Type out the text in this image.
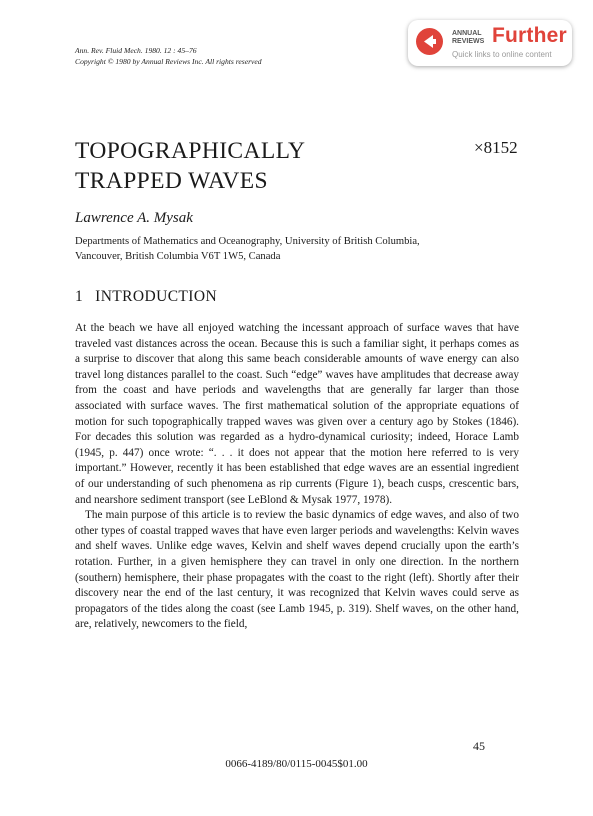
Ann. Rev. Fluid Mech. 1980. 12 : 45–76
Copyright © 1980 by Annual Reviews Inc. All rights reserved
ANNUAL
REVIEWS Further
Quick links to online content
TOPOGRAPHICALLY
TRAPPED WAVES
×8152
Lawrence A. Mysak
Departments of Mathematics and Oceanography, University of British Columbia,
Vancouver, British Columbia V6T 1W5, Canada
1 INTRODUCTION

At the beach we have all enjoyed watching the incessant approach of surface waves that have traveled vast distances across the ocean. Because this is such a familiar sight, it perhaps comes as a surprise to discover that along this same beach considerable amounts of wave energy can also travel long distances parallel to the coast. Such “edge” waves have amplitudes that decrease away from the coast and have periods and wavelengths that are generally far larger than those associated with surface waves. The first mathematical solution of the appropriate equations of motion for such topographically trapped waves was given over a century ago by Stokes (1846). For decades this solution was regarded as a hydro-dynamical curiosity; indeed, Horace Lamb (1945, p. 447) once wrote: “. . . it does not appear that the motion here referred to is very important.” However, recently it has been established that edge waves are an essential ingredient of our understanding of such phenomena as rip currents (Figure 1), beach cusps, crescentic bars, and nearshore sediment transport (see LeBlond & Mysak 1977, 1978).

The main purpose of this article is to review the basic dynamics of edge waves, and also of two other types of coastal trapped waves that have even larger periods and wavelengths: Kelvin waves and shelf waves. Unlike edge waves, Kelvin and shelf waves depend crucially upon the earth’s rotation. Further, in a given hemisphere they can travel in only one direction. In the northern (southern) hemisphere, their phase propagates with the coast to the right (left). Shortly after their discovery near the end of the last century, it was recognized that Kelvin waves could serve as propagators of the tides along the coast (see Lamb 1945, p. 319). Shelf waves, on the other hand, are, relatively, newcomers to the field,

45
0066-4189/80/0115-0045$01.00
